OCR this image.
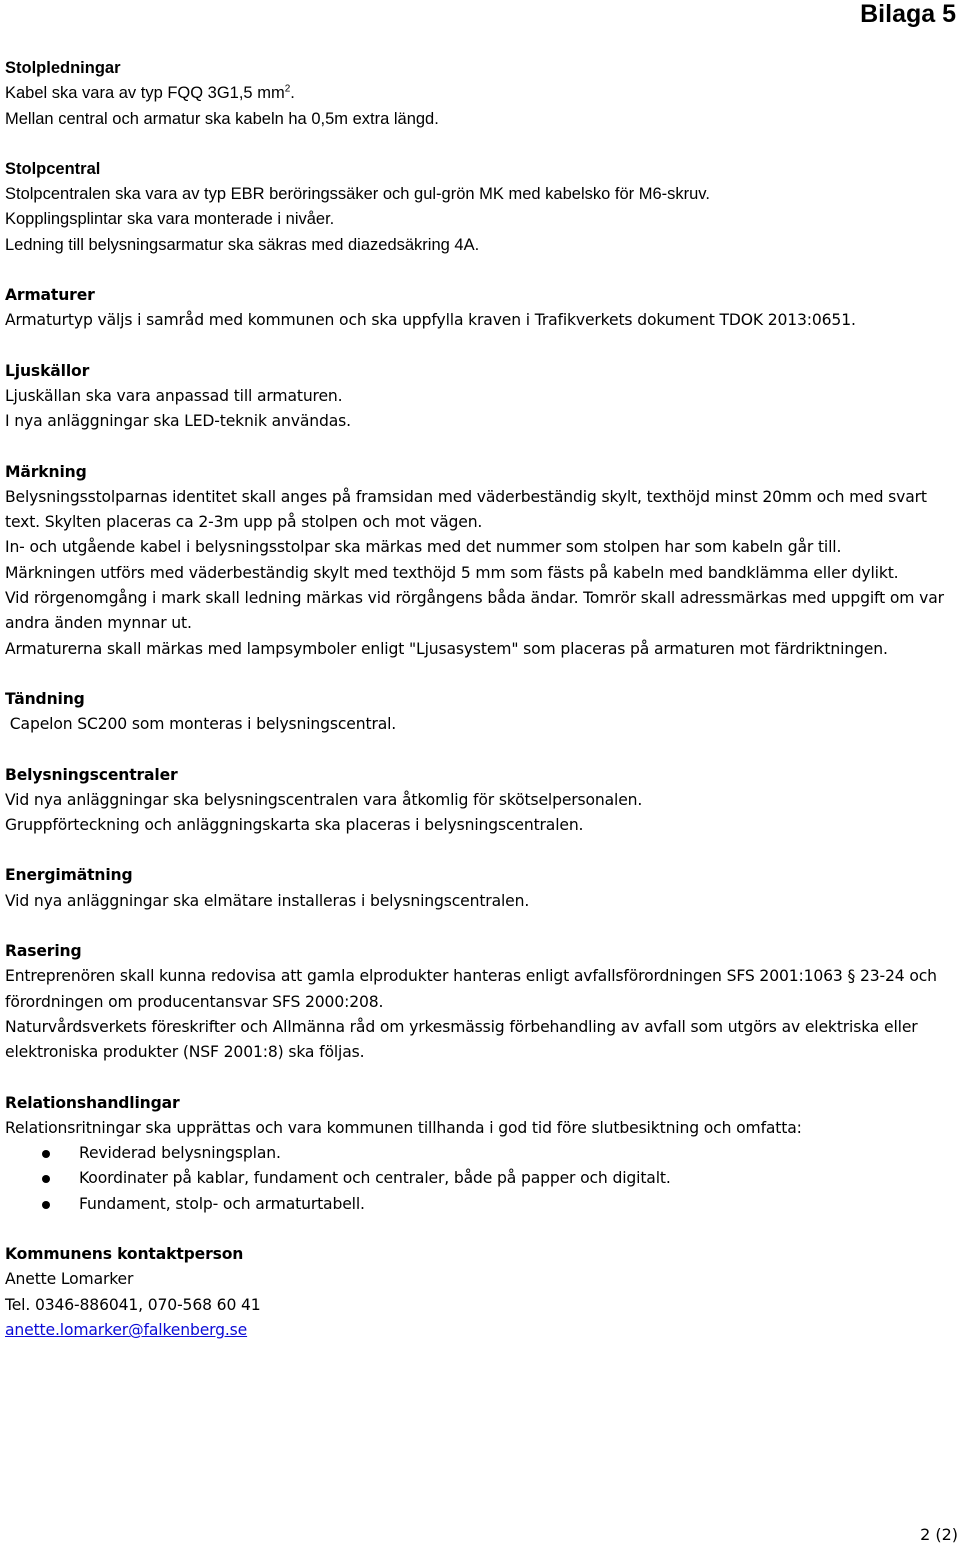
Bilaga 5
Stolpledningar
Kabel ska vara av typ FQQ 3G1,5 $mm^2$.
Mellan central och armatur ska kabeln ha 0,5m extra längd.
Stolpcentral
Stolpcentralen ska vara av typ EBR beröringssäker och gul-grön MK med kabelsko för M6-skruv.
Kopplingsplintar ska vara monterade i nivåer.
Ledning till belysningsarmatur ska säkras med diazedsäkring 4A.
Armaturer
Armaturtyp väljs i samråd med kommunen och ska uppfylla kraven i Trafikverkets dokument TDOK 2013:0651.
Ljuskällor
Ljuskällan ska vara anpassad till armaturen.
I nya anläggningar ska LED-teknik användas.
Märkning
Belysningsstolparnas identitet skall anges på framsidan med väderbeständig skylt, texthöjd minst 20mm och med svart text. Skylten placeras ca 2-3m upp på stolpen och mot vägen.
In- och utgående kabel i belysningsstolpar ska märkas med det nummer som stolpen har som kabeln går till.
Märkningen utförs med väderbeständig skylt med texthöjd 5 mm som fästs på kabeln med bandklämma eller dylikt.
Vid rörgenomgång i mark skall ledning märkas vid rörgångens båda ändar. Tomrör skall adressmärkas med uppgift om var andra änden mynnar ut.
Armaturerna skall märkas med lampsymboler enligt "Ljusasystem" som placeras på armaturen mot färdriktningen.
Tändning
Capelon SC200 som monteras i belysningscentral.
Belysningscentraler
Vid nya anläggningar ska belysningscentralen vara åtkomlig för skötselpersonalen.
Gruppförteckning och anläggningskarta ska placeras i belysningscentralen.
Energimätning
Vid nya anläggningar ska elmätare installeras i belysningscentralen.
Rasering
Entreprenören skall kunna redovisa att gamla elprodukter hanteras enligt avfallsförordningen SFS 2001:1063 § 23-24 och förordningen om producentansvar SFS 2000:208.
Naturvårdsverkets föreskrifter och Allmänna råd om yrkesmässig förbehandling av avfall som utgörs av elektriska eller elektroniska produkter (NSF 2001:8) ska följas.
Relationshandlingar
Relationsritningar ska upprättas och vara kommunen tillhanda i god tid före slutbesiktning och omfatta:
Reviderad belysningsplan.
Koordinater på kablar, fundament och centraler, både på papper och digitalt.
Fundament, stolp- och armaturtabell.
Kommunens kontaktperson
Anette Lomarker
Tel. 0346-886041, 070-568 60 41
anette.lomarker@falkenberg.se
2 (2)
